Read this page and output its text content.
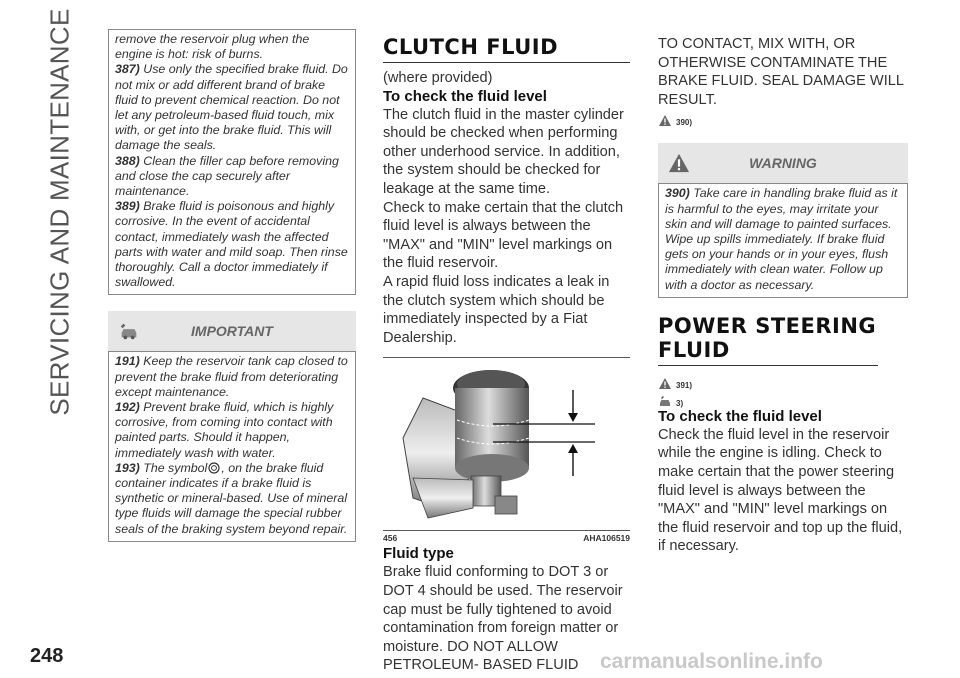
SERVICING AND MAINTENANCE
248	carmanualsonline.info

remove the reservoir plug when the engine is hot: risk of burns.

387) Use only the specified brake fluid. Do not mix or add different brand of brake fluid to prevent chemical reaction. Do not let any petroleum-based fluid touch, mix with, or get into the brake fluid. This will damage the seals.

388) Clean the filler cap before removing and close the cap securely after maintenance.

389) Brake fluid is poisonous and highly corrosive. In the event of accidental contact, immediately wash the affected parts with water and mild soap. Then rinse thoroughly. Call a doctor immediately if swallowed.

IMPORTANT

191) Keep the reservoir tank cap closed to prevent the brake fluid from deteriorating except maintenance.

192) Prevent brake fluid, which is highly corrosive, from coming into contact with painted parts. Should it happen, immediately wash with water.

193) The symbol , on the brake fluid container indicates if a brake fluid is synthetic or mineral-based. Use of mineral type fluids will damage the special rubber seals of the braking system beyond repair.

CLUTCH FLUID

(where provided)

To check the fluid level

The clutch fluid in the master cylinder should be checked when performing other underhood service. In addition, the system should be checked for leakage at the same time.

Check to make certain that the clutch fluid level is always between the "MAX" and "MIN" level markings on the fluid reservoir.

A rapid fluid loss indicates a leak in the clutch system which should be immediately inspected by a Fiat Dealership.

456	AHA106519

Fluid type

Brake fluid conforming to DOT 3 or DOT 4 should be used. The reservoir cap must be fully tightened to avoid contamination from foreign matter or moisture. DO NOT ALLOW PETROLEUM- BASED FLUID

TO CONTACT, MIX WITH, OR OTHERWISE CONTAMINATE THE BRAKE FLUID. SEAL DAMAGE WILL RESULT.

390)
WARNING

390) Take care in handling brake fluid as it is harmful to the eyes, may irritate your skin and will damage to painted surfaces. Wipe up spills immediately. If brake fluid gets on your hands or in your eyes, flush immediately with clean water. Follow up with a doctor as necessary.

POWER STEERING FLUID
391)
3)

To check the fluid level

Check the fluid level in the reservoir while the engine is idling. Check to make certain that the power steering fluid level is always between the "MAX" and "MIN" level markings on the fluid reservoir and top up the fluid, if necessary.
